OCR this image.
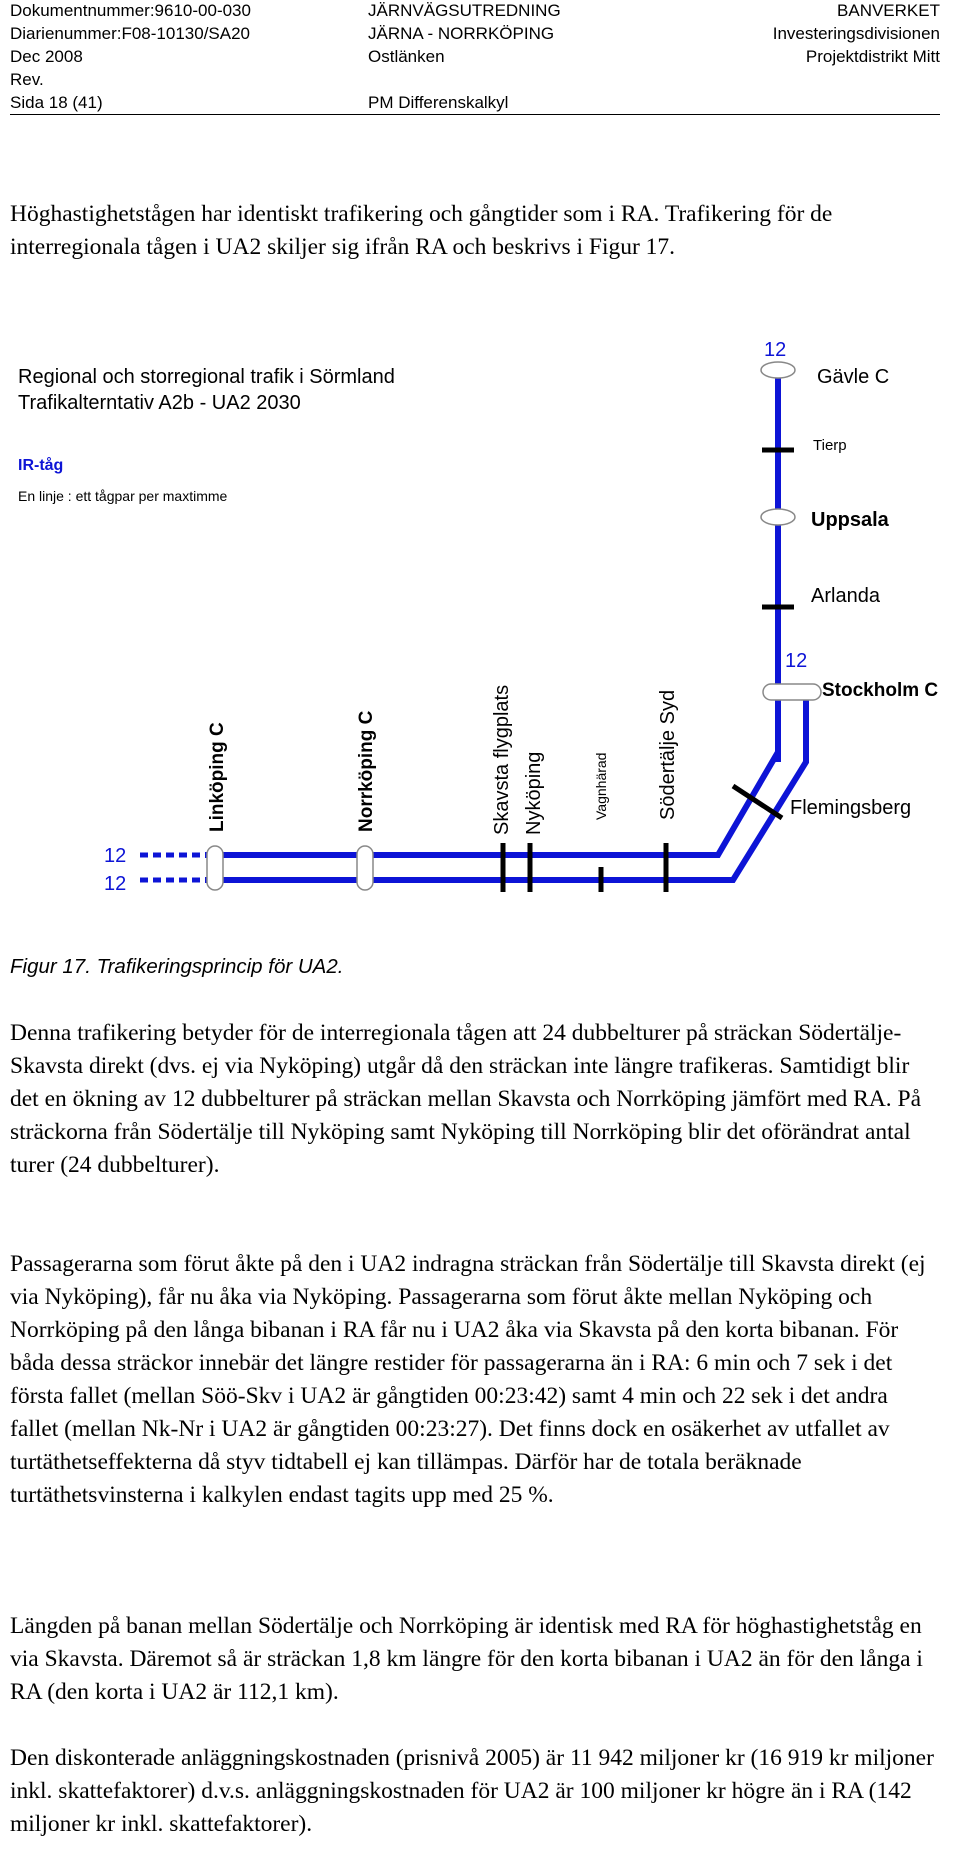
Dokumentnummer:9610-00-030	JÄRNVÄGSUTREDNING	BANVERKET
Diarienummer:F08-10130/SA20	JÄRNA - NORRKÖPING	Investeringsdivisionen
Dec 2008	Ostlänken	Projektdistrikt Mitt
Rev.
Sida 18 (41)	PM Differenskalkyl

Höghastighetstågen har identiskt trafikering och gångtider som i RA. Trafikering för de interregionala tågen i UA2 skiljer sig ifrån RA och beskrivs i Figur 17.

Regional och storregional trafik i Sörmland
Trafikalterntativ A2b - UA2 2030
IR-tåg
En linje : ett tågpar per maxtimme
12
12
12
12
Gävle C
Tierp
Uppsala
Arlanda
Stockholm C
Flemingsberg
Södertälje Syd
Vagnhärad
Nyköping
Skavsta flygplats
Norrköping C
Linköping C
Figur 17. Trafikeringsprincip för UA2.

Denna trafikering betyder för de interregionala tågen att 24 dubbelturer på sträckan Södertälje-Skavsta direkt (dvs. ej via Nyköping) utgår då den sträckan inte längre trafikeras. Samtidigt blir det en ökning av 12 dubbelturer på sträckan mellan Skavsta och Norrköping jämfört med RA. På sträckorna från Södertälje till Nyköping samt Nyköping till Norrköping blir det oförändrat antal turer (24 dubbelturer).

Passagerarna som förut åkte på den i UA2 indragna sträckan från Södertälje till Skavsta direkt (ej via Nyköping), får nu åka via Nyköping. Passagerarna som förut åkte mellan Nyköping och Norrköping på den långa bibanan i RA får nu i UA2 åka via Skavsta på den korta bibanan. För båda dessa sträckor innebär det längre restider för passagerarna än i RA: 6 min och 7 sek i det första fallet (mellan Söö-Skv i UA2 är gångtiden 00:23:42) samt 4 min och 22 sek i det andra fallet (mellan Nk-Nr i UA2 är gångtiden 00:23:27). Det finns dock en osäkerhet av utfallet av turtäthetseffekterna då styv tidtabell ej kan tillämpas. Därför har de totala beräknade turtäthetsvinsterna i kalkylen endast tagits upp med 25 %.

Längden på banan mellan Södertälje och Norrköping är identisk med RA för höghastighetståg en via Skavsta. Däremot så är sträckan 1,8 km längre för den korta bibanan i UA2 än för den långa i RA (den korta i UA2 är 112,1 km).

Den diskonterade anläggningskostnaden (prisnivå 2005) är 11 942 miljoner kr (16 919 kr miljoner inkl. skattefaktorer) d.v.s. anläggningskostnaden för UA2 är 100 miljoner kr högre än i RA (142 miljoner kr inkl. skattefaktorer).
